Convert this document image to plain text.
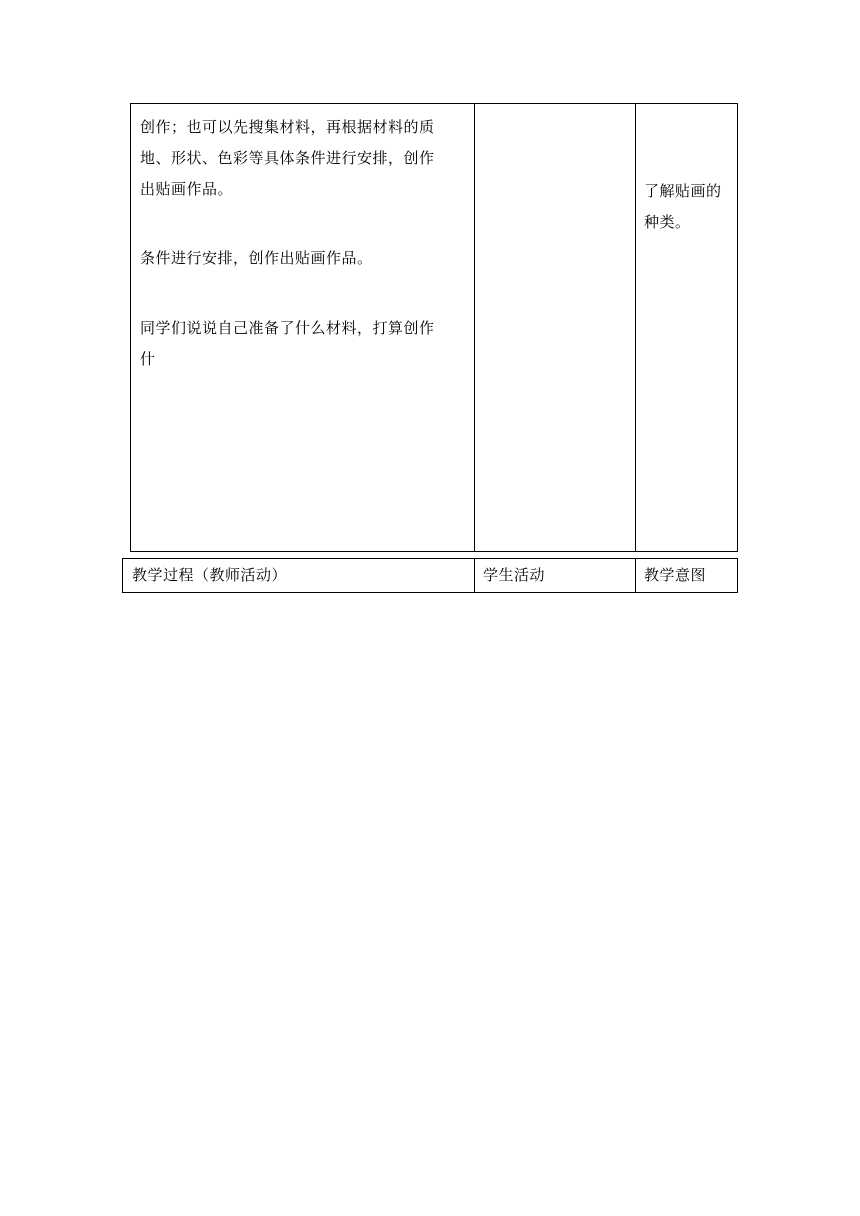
创作；也可以先搜集材料，再根据材料的质
地、形状、色彩等具体条件进行安排，创作
出贴画作品。
条件进行安排，创作出贴画作品。
同学们说说自己准备了什么材料，打算创作
什
了解贴画的
种类。
教学过程（教师活动）	学生活动	教学意图
